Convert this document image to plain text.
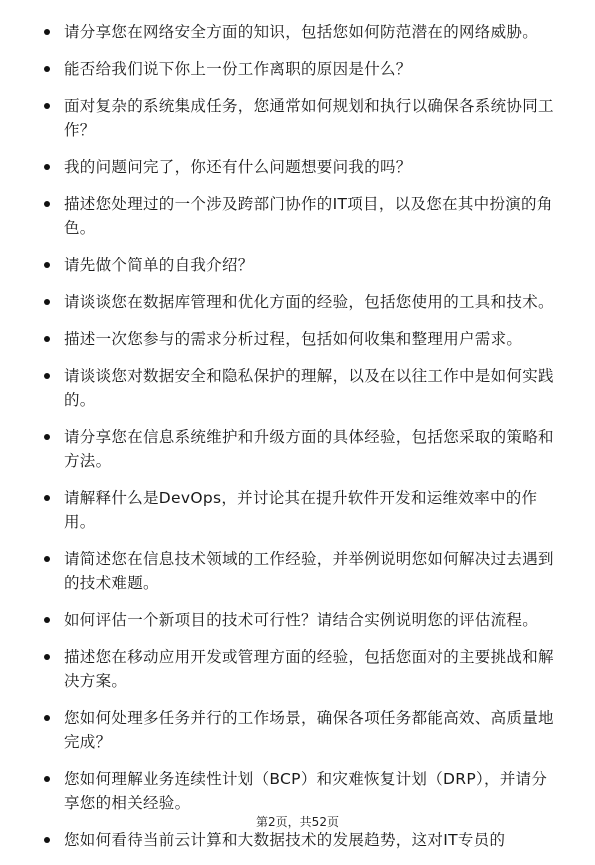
请分享您在网络安全方面的知识，包括您如何防范潜在的网络威胁。
能否给我们说下你上一份工作离职的原因是什么？
面对复杂的系统集成任务，您通常如何规划和执行以确保各系统协同工作？
我的问题问完了，你还有什么问题想要问我的吗？
描述您处理过的一个涉及跨部门协作的IT项目，以及您在其中扮演的角色。
请先做个简单的自我介绍？
请谈谈您在数据库管理和优化方面的经验，包括您使用的工具和技术。
描述一次您参与的需求分析过程，包括如何收集和整理用户需求。
请谈谈您对数据安全和隐私保护的理解，以及在以往工作中是如何实践的。
请分享您在信息系统维护和升级方面的具体经验，包括您采取的策略和方法。
请解释什么是DevOps，并讨论其在提升软件开发和运维效率中的作用。
请简述您在信息技术领域的工作经验，并举例说明您如何解决过去遇到的技术难题。
如何评估一个新项目的技术可行性？请结合实例说明您的评估流程。
描述您在移动应用开发或管理方面的经验，包括您面对的主要挑战和解决方案。
您如何处理多任务并行的工作场景，确保各项任务都能高效、高质量地完成？
您如何理解业务连续性计划（BCP）和灾难恢复计划（DRP），并请分享您的相关经验。
您如何看待当前云计算和大数据技术的发展趋势，这对IT专员的
第2页，共52页
